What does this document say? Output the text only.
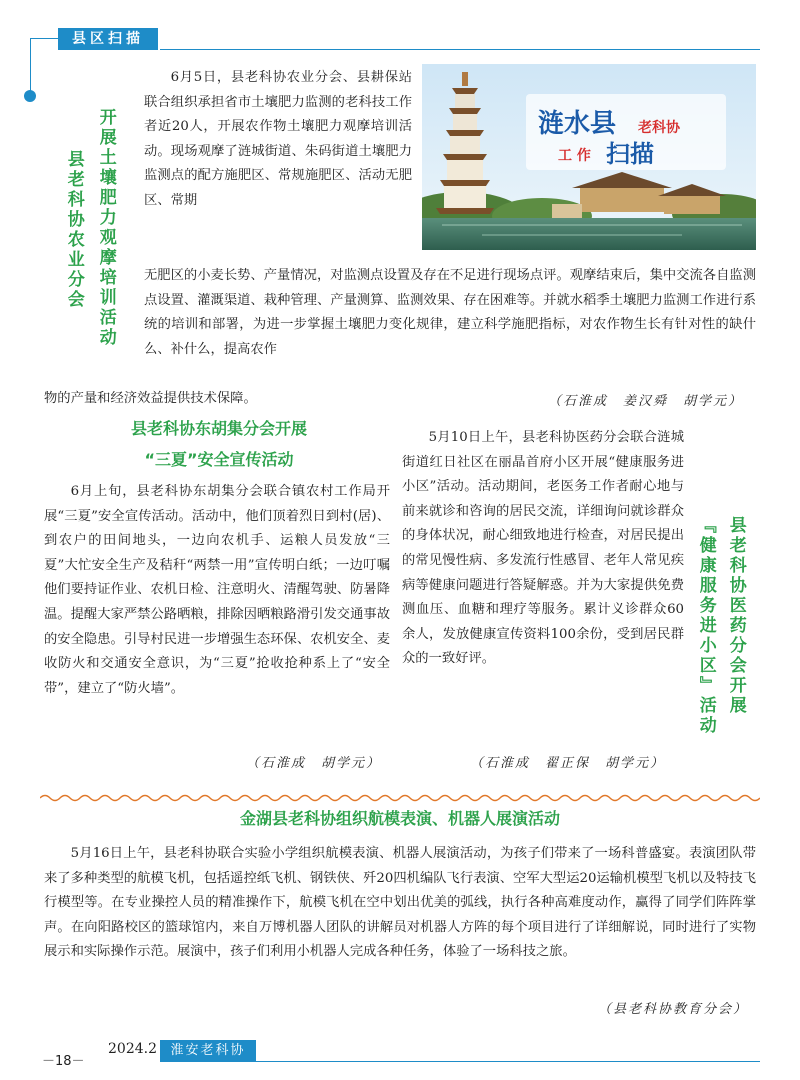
县区扫描
开展土壤肥力观摩培训活动
县老科协农业分会

6月5日，县老科协农业分会、县耕保站联合组织承担省市土壤肥力监测的老科技工作者近20人，开展农作物土壤肥力观摩培训活动。现场观摩了涟城街道、朱码街道土壤肥力监测点的配方施肥区、常规施肥区、活动无肥区、常期

涟水县 老科协
工 作 扫描

无肥区的小麦长势、产量情况，对监测点设置及存在不足进行现场点评。观摩结束后，集中交流各自监测点设置、灌溉渠道、栽种管理、产量测算、监测效果、存在困难等。并就水稻季土壤肥力监测工作进行系统的培训和部署，为进一步掌握土壤肥力变化规律，建立科学施肥指标，对农作物生长有针对性的缺什么、补什么，提高农作

物的产量和经济效益提供技术保障。	（石淮成　姜汉舜　胡学元）
县老科协东胡集分会开展
“三夏”安全宣传活动

6月上旬，县老科协东胡集分会联合镇农村工作局开展“三夏”安全宣传活动。活动中，他们顶着烈日到村(居)、到农户的田间地头，一边向农机手、运粮人员发放“三夏”大忙安全生产及秸秆“两禁一用”宣传明白纸；一边叮嘱他们要持证作业、农机日检、注意明火、清醒驾驶、防暑降温。提醒大家严禁公路晒粮，排除因晒粮路滑引发交通事故的安全隐患。引导村民进一步增强生态环保、农机安全、麦收防火和交通安全意识，为“三夏”抢收抢种系上了“安全带”，建立了“防火墙”。

（石淮成　胡学元）

5月10日上午，县老科协医药分会联合涟城街道红日社区在丽晶首府小区开展“健康服务进小区”活动。活动期间，老医务工作者耐心地与前来就诊和咨询的居民交流，详细询问就诊群众的身体状况，耐心细致地进行检查，对居民提出的常见慢性病、多发流行性感冒、老年人常见疾病等健康问题进行答疑解惑。并为大家提供免费测血压、血糖和理疗等服务。累计义诊群众60余人，发放健康宣传资料100余份，受到居民群众的一致好评。

（石淮成　翟正保　胡学元）
县老科协医药分会开展
『健康服务进小区』活动
金湖县老科协组织航模表演、机器人展演活动

5月16日上午，县老科协联合实验小学组织航模表演、机器人展演活动，为孩子们带来了一场科普盛宴。表演团队带来了多种类型的航模飞机，包括遥控纸飞机、钢铁侠、歼20四机编队飞行表演、空军大型运20运输机模型飞机以及特技飞行模型等。在专业操控人员的精准操作下，航模飞机在空中划出优美的弧线，执行各种高难度动作，赢得了同学们阵阵掌声。在向阳路校区的篮球馆内，来自万博机器人团队的讲解员对机器人方阵的每个项目进行了详细解说，同时进行了实物展示和实际操作示范。展演中，孩子们利用小机器人完成各种任务，体验了一场科技之旅。

（县老科协教育分会）
－18－
2024.2	淮安老科协
